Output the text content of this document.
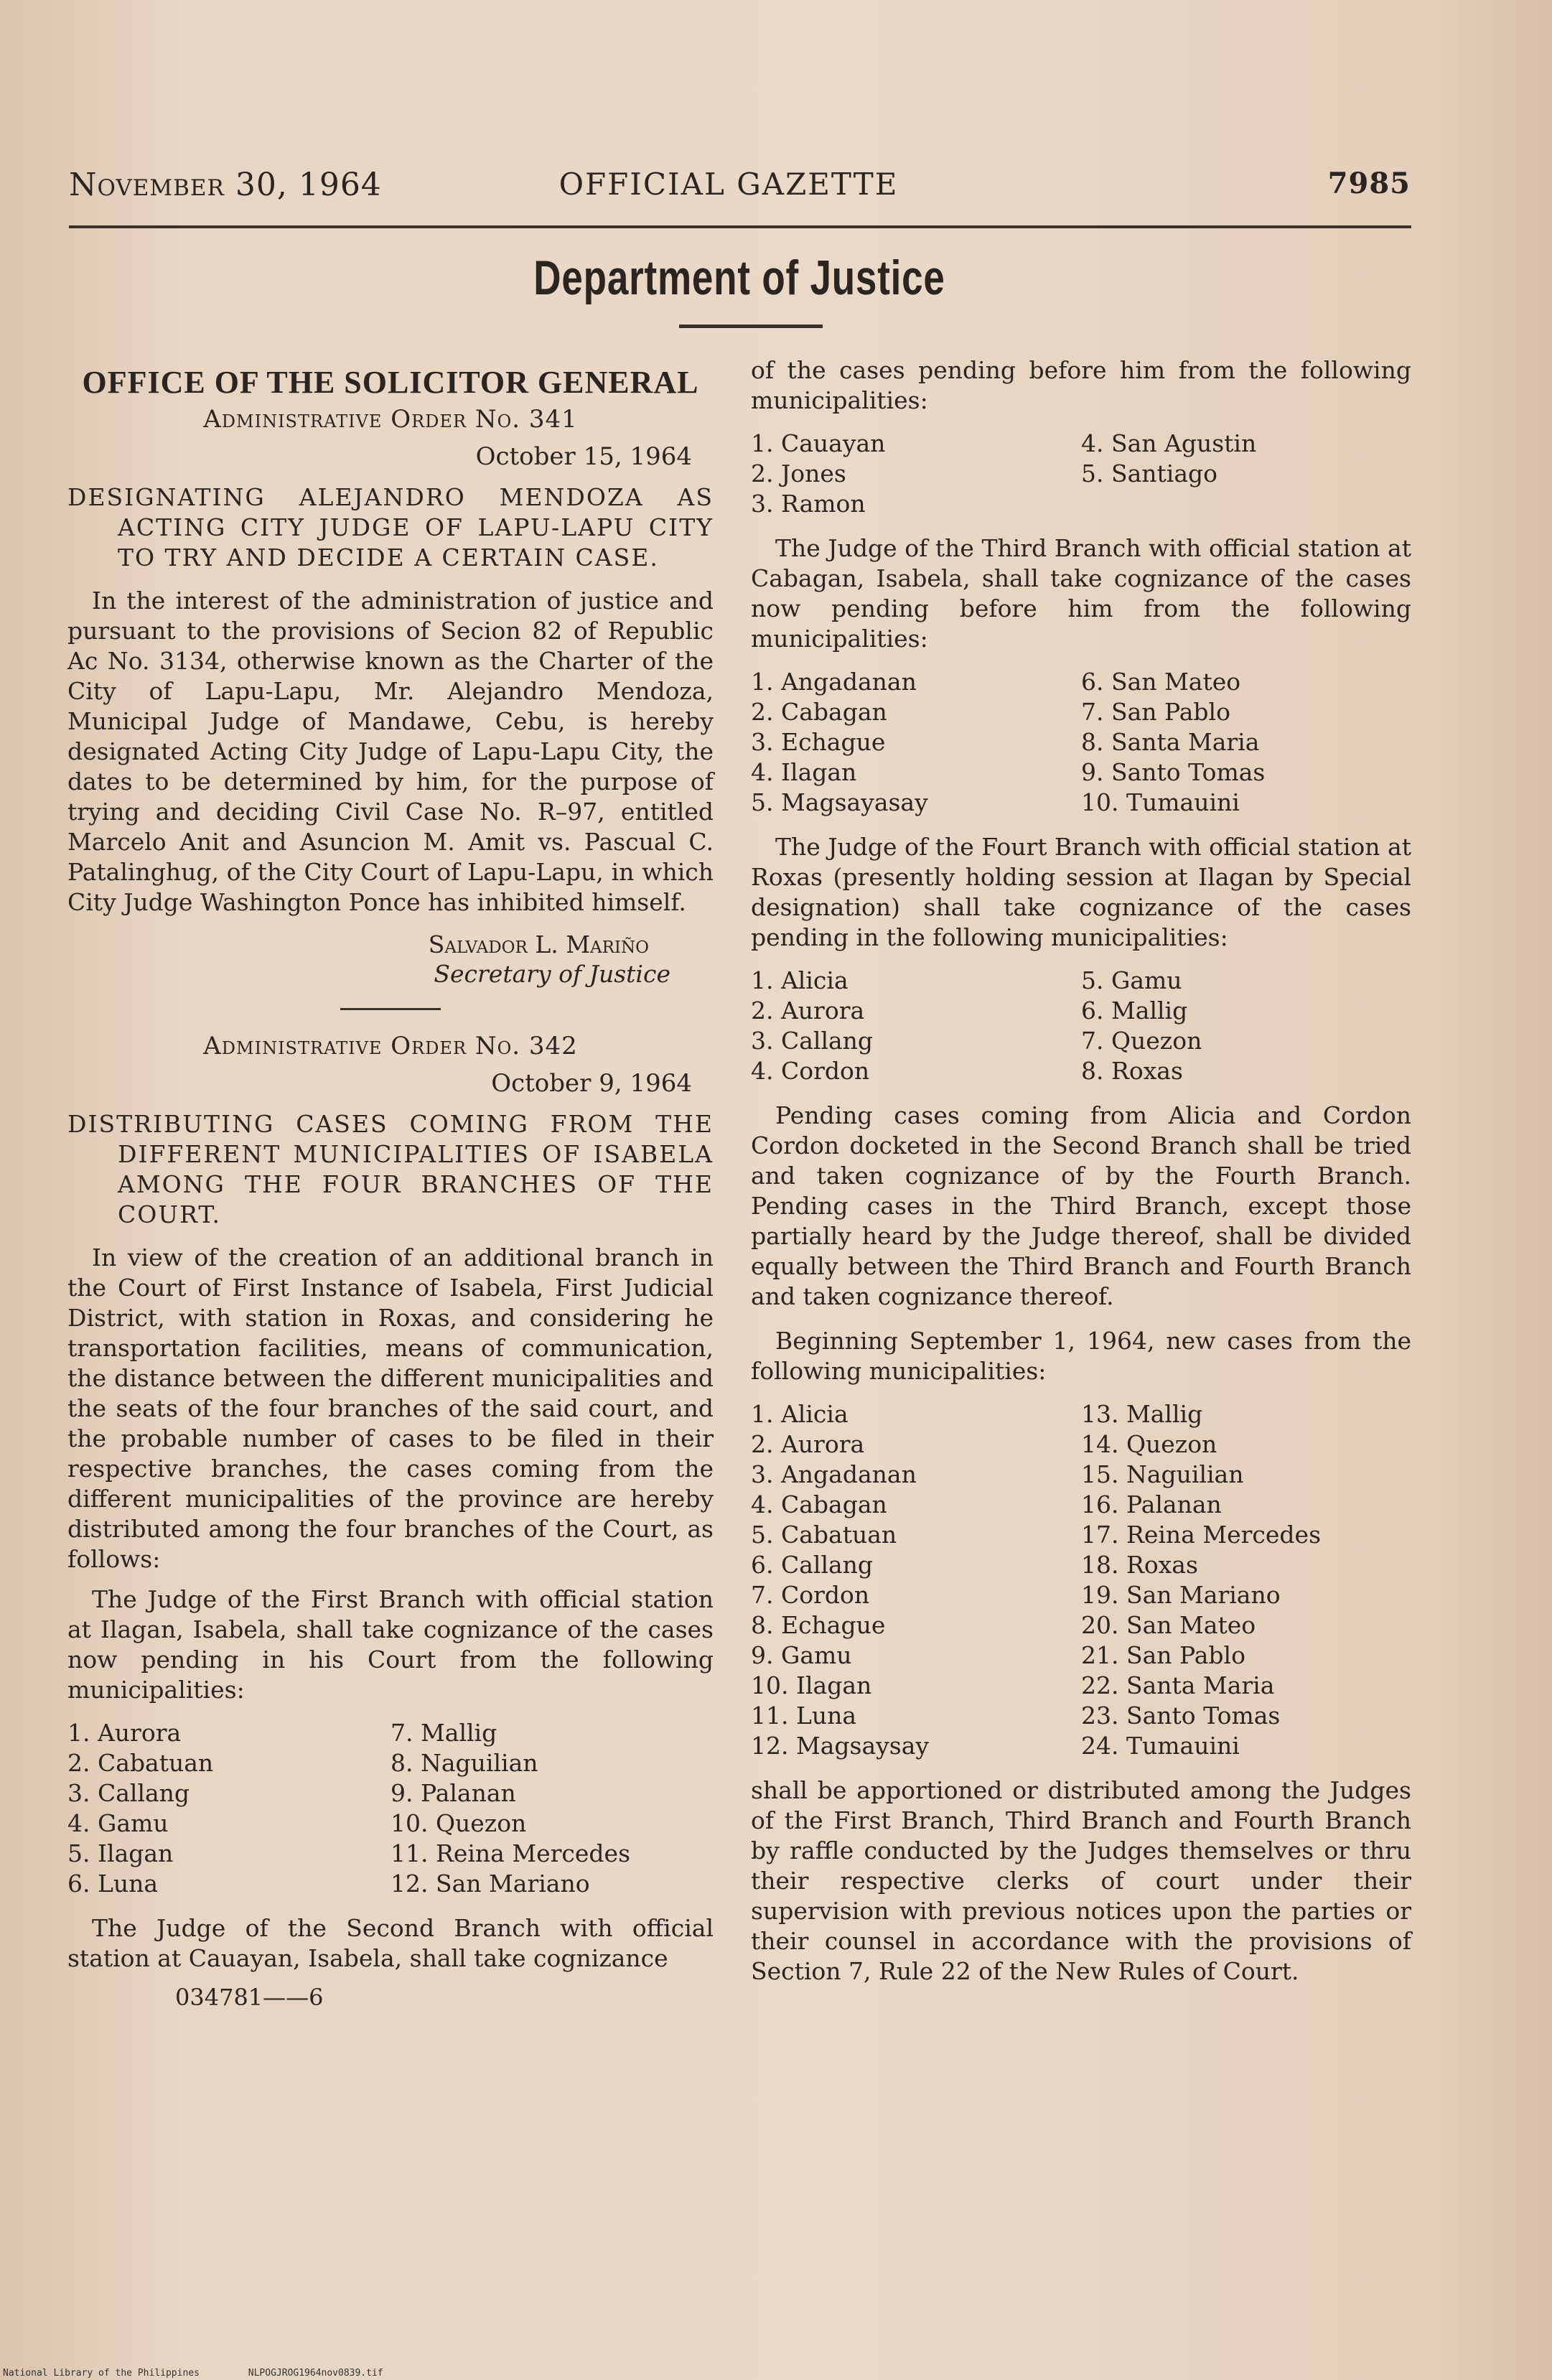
November 30, 1964	OFFICIAL GAZETTE	7985
Department of Justice

OFFICE OF THE SOLICITOR GENERAL

Administrative Order No. 341

October 15, 1964

DESIGNATING ALEJANDRO MENDOZA AS ACTING CITY JUDGE OF LAPU-LAPU CITY TO TRY AND DECIDE A CERTAIN CASE.

In the interest of the administration of justice and pursuant to the provisions of Secion 82 of Republic Ac No. 3134, otherwise known as the Charter of the City of Lapu-Lapu, Mr. Alejandro Mendoza, Municipal Judge of Mandawe, Cebu, is hereby designated Acting City Judge of Lapu-Lapu City, the dates to be determined by him, for the purpose of trying and deciding Civil Case No. R–97, entitled Marcelo Anit and Asuncion M. Amit vs. Pascual C. Patalinghug, of the City Court of Lapu-Lapu, in which City Judge Washington Ponce has inhibited himself.

Salvador L. Mariño

Secretary of Justice

Administrative Order No. 342

October 9, 1964

DISTRIBUTING CASES COMING FROM THE DIFFERENT MUNICIPALITIES OF ISABELA AMONG THE FOUR BRANCHES OF THE COURT.

In view of the creation of an additional branch in the Court of First Instance of Isabela, First Judicial District, with station in Roxas, and considering he transportation facilities, means of communication, the distance between the different municipalities and the seats of the four branches of the said court, and the probable number of cases to be filed in their respective branches, the cases coming from the different municipalities of the province are hereby distributed among the four branches of the Court, as follows:

The Judge of the First Branch with official station at Ilagan, Isabela, shall take cognizance of the cases now pending in his Court from the following municipalities:

1. Aurora
2. Cabatuan
3. Callang
4. Gamu
5. Ilagan
6. Luna
7. Mallig
8. Naguilian
9. Palanan
10. Quezon
11. Reina Mercedes
12. San Mariano

The Judge of the Second Branch with official station at Cauayan, Isabela, shall take cognizance

034781——6

of the cases pending before him from the following municipalities:

1. Cauayan
2. Jones
3. Ramon
4. San Agustin
5. Santiago

The Judge of the Third Branch with official station at Cabagan, Isabela, shall take cognizance of the cases now pending before him from the following municipalities:

1. Angadanan
2. Cabagan
3. Echague
4. Ilagan
5. Magsayasay
6. San Mateo
7. San Pablo
8. Santa Maria
9. Santo Tomas
10. Tumauini

The Judge of the Fourt Branch with official station at Roxas (presently holding session at Ilagan by Special designation) shall take cognizance of the cases pending in the following municipalities:

1. Alicia
2. Aurora
3. Callang
4. Cordon
5. Gamu
6. Mallig
7. Quezon
8. Roxas

Pending cases coming from Alicia and Cordon Cordon docketed in the Second Branch shall be tried and taken cognizance of by the Fourth Branch. Pending cases in the Third Branch, except those partially heard by the Judge thereof, shall be divided equally between the Third Branch and Fourth Branch and taken cognizance thereof.

Beginning September 1, 1964, new cases from the following municipalities:

1. Alicia
2. Aurora
3. Angadanan
4. Cabagan
5. Cabatuan
6. Callang
7. Cordon
8. Echague
9. Gamu
10. Ilagan
11. Luna
12. Magsaysay
13. Mallig
14. Quezon
15. Naguilian
16. Palanan
17. Reina Mercedes
18. Roxas
19. San Mariano
20. San Mateo
21. San Pablo
22. Santa Maria
23. Santo Tomas
24. Tumauini

shall be apportioned or distributed among the Judges of the First Branch, Third Branch and Fourth Branch by raffle conducted by the Judges themselves or thru their respective clerks of court under their supervision with previous notices upon the parties or their counsel in accordance with the provisions of Section 7, Rule 22 of the New Rules of Court.

National Library of the Philippines	NLPOGJROG1964nov0839.tif
